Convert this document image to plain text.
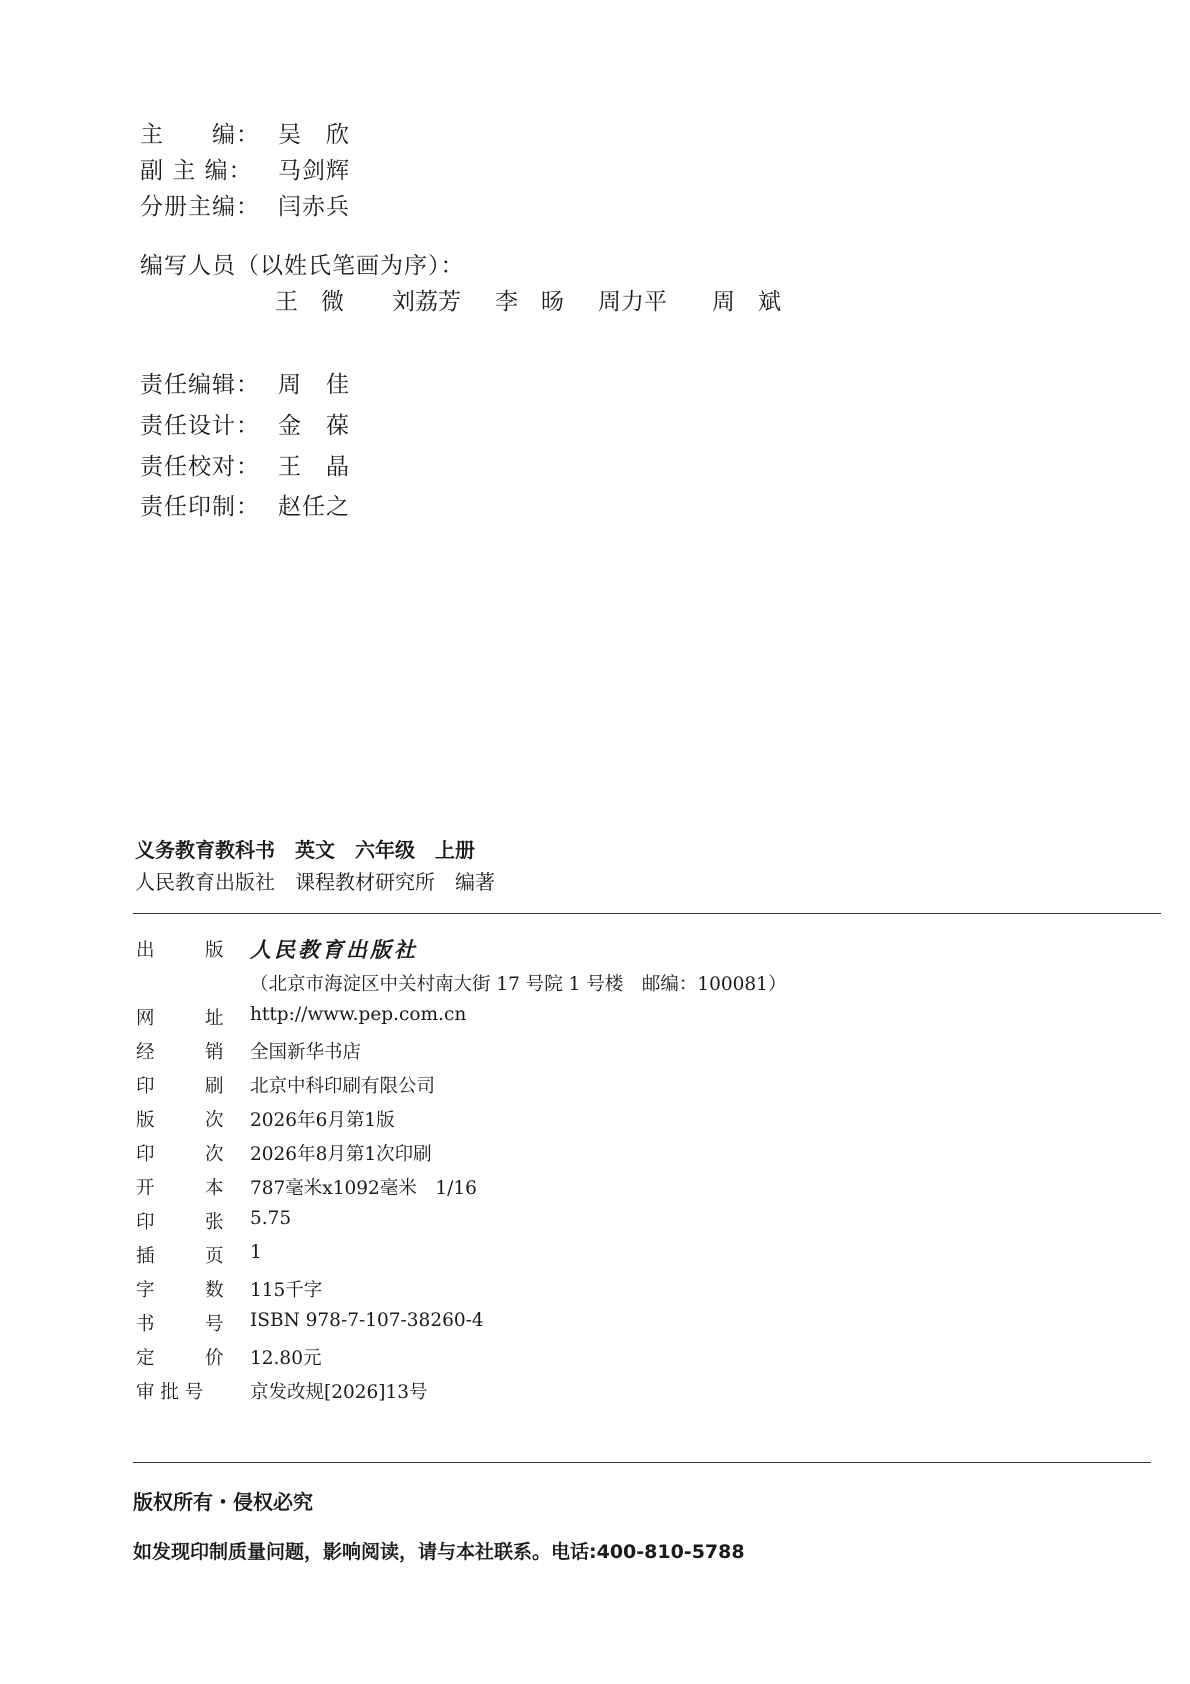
主　　编： 吴　欣
副 主 编： 马剑辉
分册主编： 闫赤兵
编写人员（以姓氏笔画为序）：
王　微 刘荔芳 李　旸 周力平 周　斌
责任编辑： 周　佳
责任设计： 金　葆
责任校对： 王　晶
责任印制： 赵任之
义务教育教科书　英文　六年级　上册
人民教育出版社　课程教材研究所　编著
出	版 人民教育出版社
（北京市海淀区中关村南大街 17 号院 1 号楼　邮编：100081）
网	址 http://www.pep.com.cn
经	销 全国新华书店
印	刷 北京中科印刷有限公司
版	次 2026年6月第1版
印	次 2026年8月第1次印刷
开	本 787毫米x1092毫米　1/16
印	张 5.75
插	页 1
字	数 115千字
书	号 ISBN 978-7-107-38260-4
定	价 12.80元
审 批 号	京发改规[2026]13号
版权所有・侵权必究
如发现印制质量问题，影响阅读，请与本社联系。电话:400-810-5788
